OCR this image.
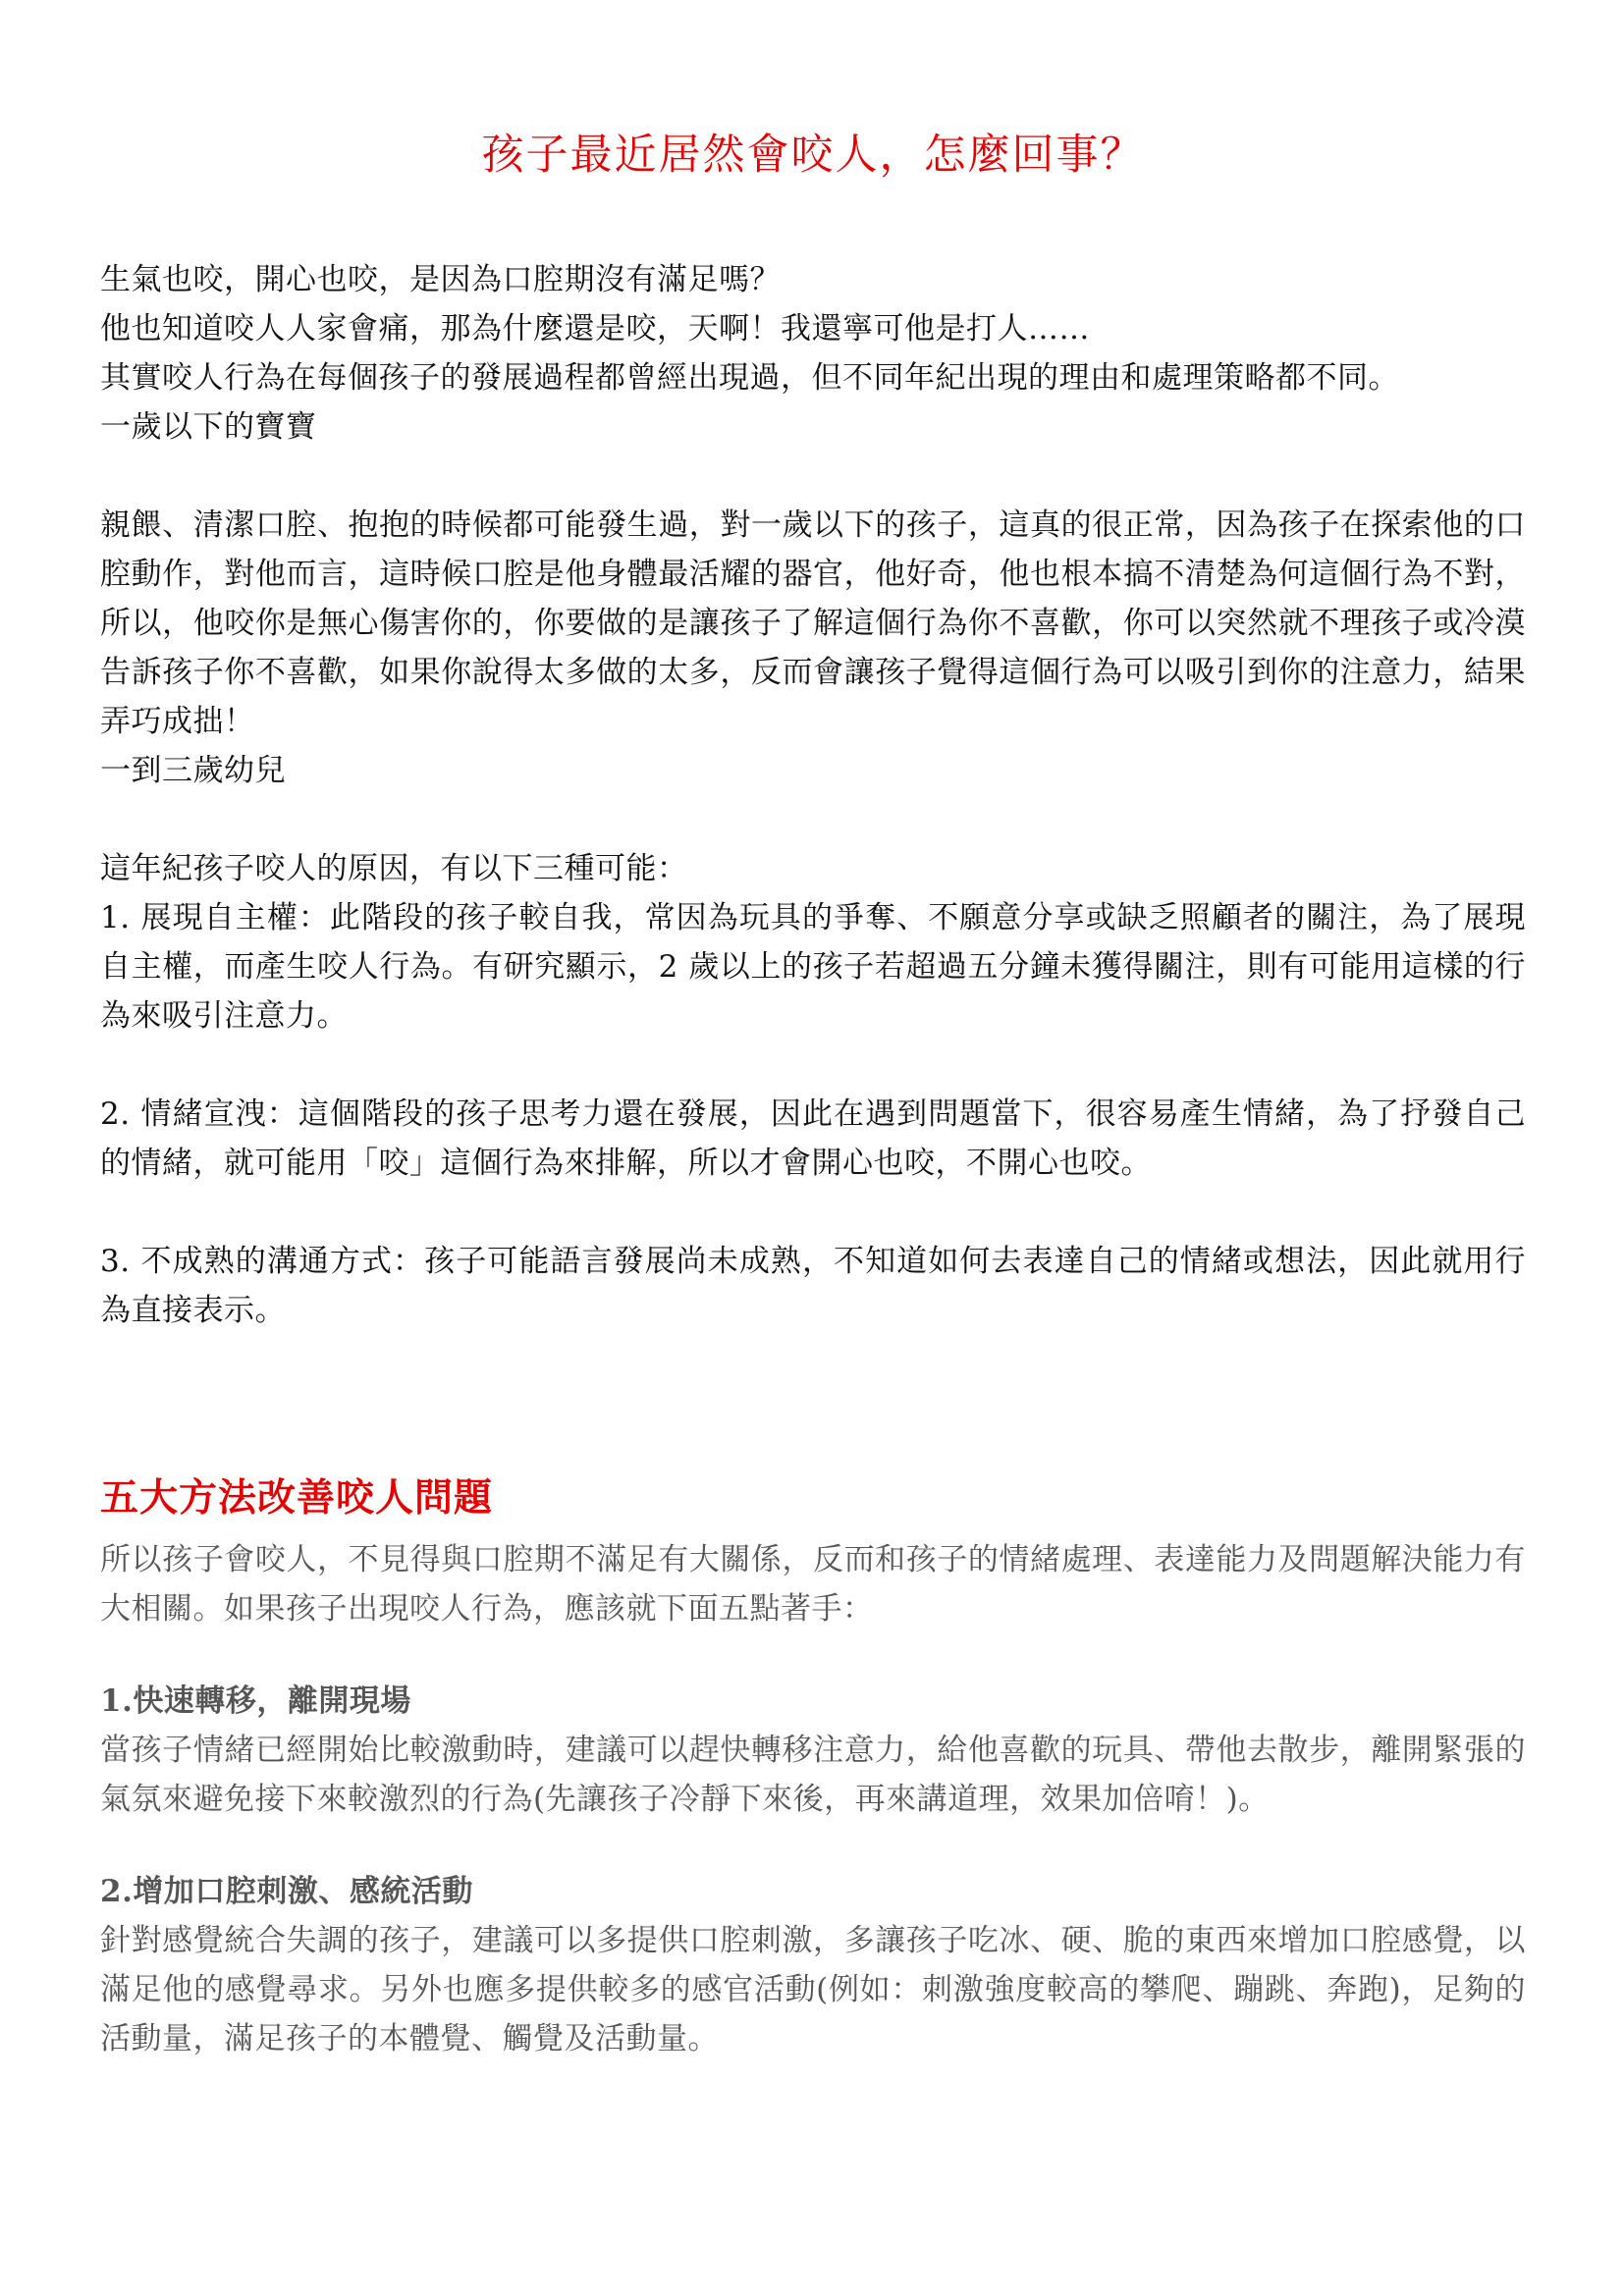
孩子最近居然會咬人，怎麼回事？

生氣也咬，開心也咬，是因為口腔期沒有滿足嗎？

他也知道咬人人家會痛，那為什麼還是咬，天啊！我還寧可他是打人……

其實咬人行為在每個孩子的發展過程都曾經出現過，但不同年紀出現的理由和處理策略都不同。

一歲以下的寶寶

親餵、清潔口腔、抱抱的時候都可能發生過，對一歲以下的孩子，這真的很正常，因為孩子在探索他的口腔動作，對他而言，這時候口腔是他身體最活耀的器官，他好奇，他也根本搞不清楚為何這個行為不對，所以，他咬你是無心傷害你的，你要做的是讓孩子了解這個行為你不喜歡，你可以突然就不理孩子或冷漠告訴孩子你不喜歡，如果你說得太多做的太多，反而會讓孩子覺得這個行為可以吸引到你的注意力，結果弄巧成拙！

一到三歲幼兒

這年紀孩子咬人的原因，有以下三種可能：

1. 展現自主權：此階段的孩子較自我，常因為玩具的爭奪、不願意分享或缺乏照顧者的關注，為了展現自主權，而產生咬人行為。有研究顯示，2 歲以上的孩子若超過五分鐘未獲得關注，則有可能用這樣的行為來吸引注意力。

2. 情緒宣洩：這個階段的孩子思考力還在發展，因此在遇到問題當下，很容易產生情緒，為了抒發自己的情緒，就可能用「咬」這個行為來排解，所以才會開心也咬，不開心也咬。

3. 不成熟的溝通方式：孩子可能語言發展尚未成熟，不知道如何去表達自己的情緒或想法，因此就用行為直接表示。

五大方法改善咬人問題

所以孩子會咬人，不見得與口腔期不滿足有大關係，反而和孩子的情緒處理、表達能力及問題解決能力有大相關。如果孩子出現咬人行為，應該就下面五點著手：

1.快速轉移，離開現場

當孩子情緒已經開始比較激動時，建議可以趕快轉移注意力，給他喜歡的玩具、帶他去散步，離開緊張的氣氛來避免接下來較激烈的行為(先讓孩子冷靜下來後，再來講道理，效果加倍唷！)。

2.增加口腔刺激、感統活動

針對感覺統合失調的孩子，建議可以多提供口腔刺激，多讓孩子吃冰、硬、脆的東西來增加口腔感覺，以滿足他的感覺尋求。另外也應多提供較多的感官活動(例如：刺激強度較高的攀爬、蹦跳、奔跑)，足夠的活動量，滿足孩子的本體覺、觸覺及活動量。
